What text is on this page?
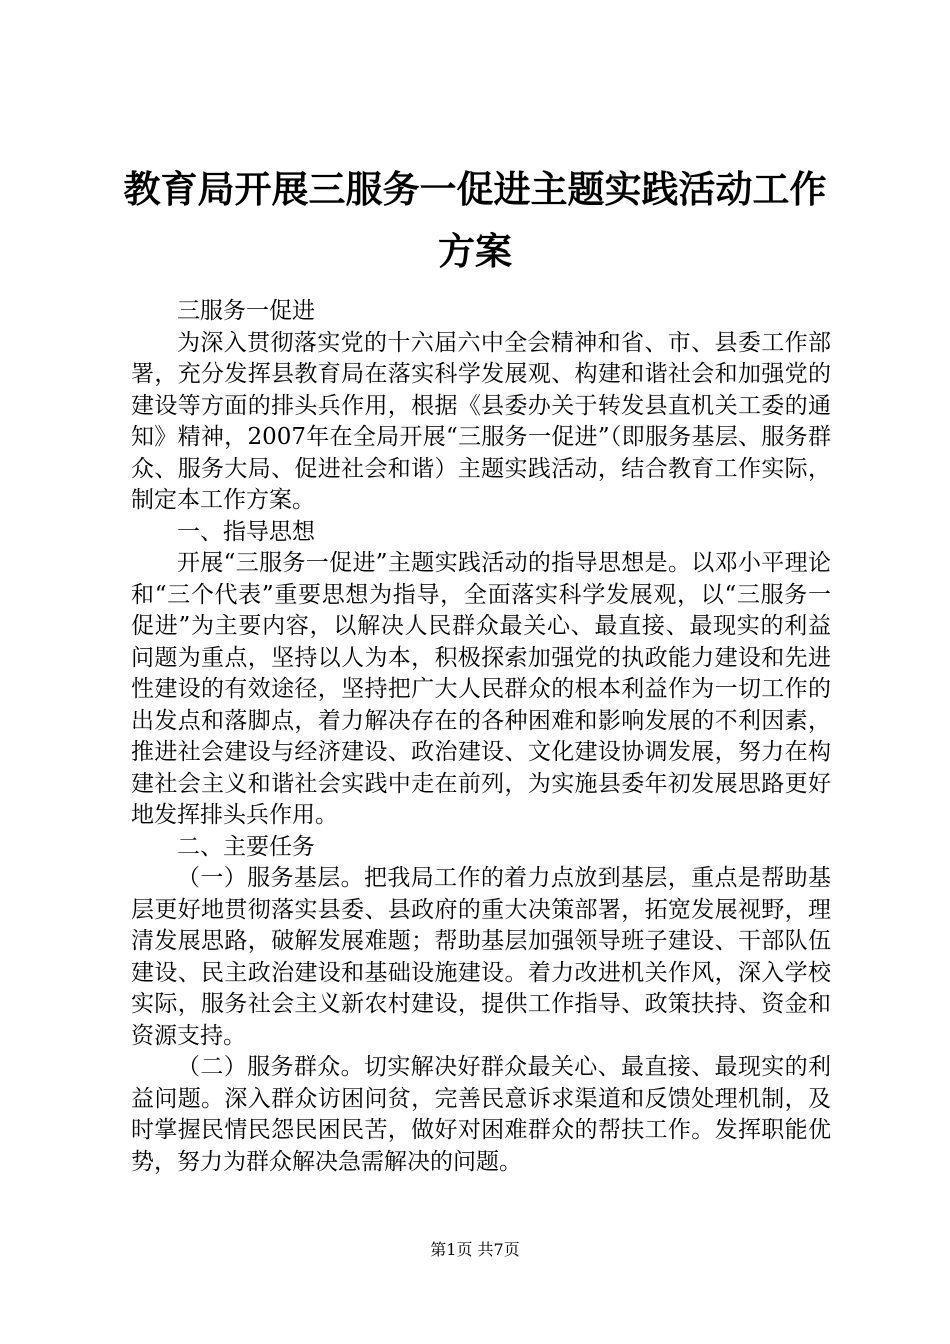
教育局开展三服务一促进主题实践活动工作方案

三服务一促进

为深入贯彻落实党的十六届六中全会精神和省、市、县委工作部署，充分发挥县教育局在落实科学发展观、构建和谐社会和加强党的建设等方面的排头兵作用，根据《县委办关于转发县直机关工委的通知》精神，2007年在全局开展“三服务一促进”（即服务基层、服务群众、服务大局、促进社会和谐）主题实践活动，结合教育工作实际，制定本工作方案。

一、指导思想

开展“三服务一促进”主题实践活动的指导思想是。以邓小平理论和“三个代表”重要思想为指导，全面落实科学发展观，以“三服务一促进”为主要内容，以解决人民群众最关心、最直接、最现实的利益问题为重点，坚持以人为本，积极探索加强党的执政能力建设和先进性建设的有效途径，坚持把广大人民群众的根本利益作为一切工作的出发点和落脚点，着力解决存在的各种困难和影响发展的不利因素，推进社会建设与经济建设、政治建设、文化建设协调发展，努力在构建社会主义和谐社会实践中走在前列，为实施县委年初发展思路更好地发挥排头兵作用。

二、主要任务

（一）服务基层。把我局工作的着力点放到基层，重点是帮助基层更好地贯彻落实县委、县政府的重大决策部署，拓宽发展视野，理清发展思路，破解发展难题；帮助基层加强领导班子建设、干部队伍建设、民主政治建设和基础设施建设。着力改进机关作风，深入学校实际，服务社会主义新农村建设，提供工作指导、政策扶持、资金和资源支持。

（二）服务群众。切实解决好群众最关心、最直接、最现实的利益问题。深入群众访困问贫，完善民意诉求渠道和反馈处理机制，及时掌握民情民怨民困民苦，做好对困难群众的帮扶工作。发挥职能优势，努力为群众解决急需解决的问题。

第1页 共7页
